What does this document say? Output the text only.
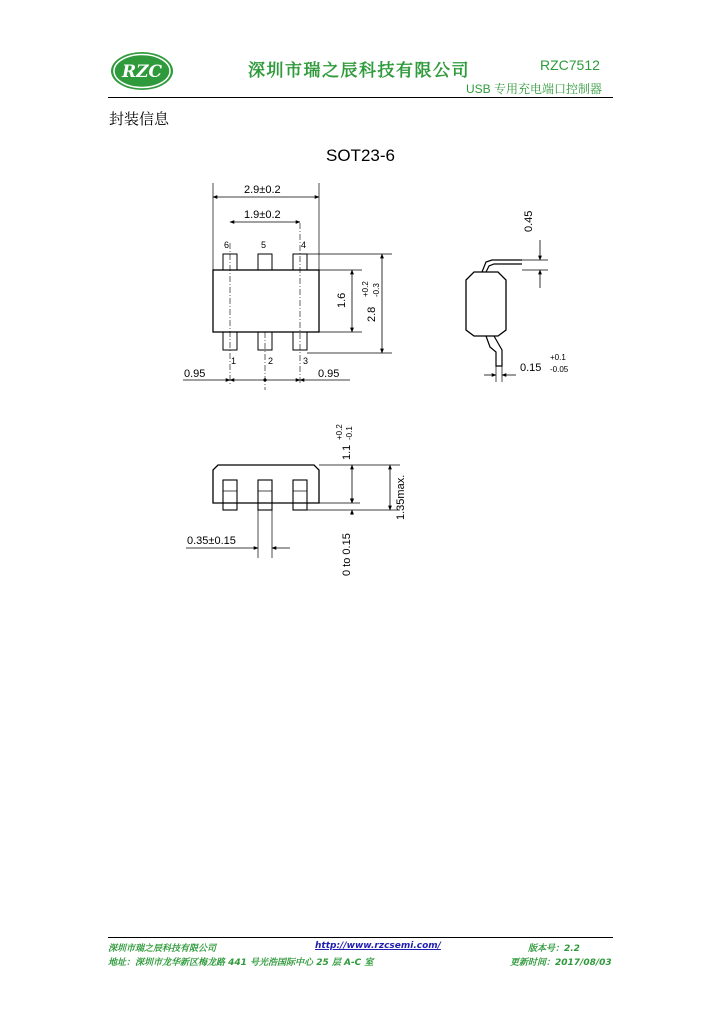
RZC	深圳市瑞之辰科技有限公司	RZC7512
USB 专用充电端口控制器
封装信息
SOT23-6
6	5	4
1	2	3
2.9±0.2
1.9±0.2
1.6
2.8
+0.2 -0.3
0.95	0.95
0.45
0.15
+0.1
-0.05
1.1
+0.2 -0.1
1.35max.
0 to 0.15
0.35±0.15
深圳市瑞之辰科技有限公司	http://www.rzcsemi.com/	版本号：2.2
地址：深圳市龙华新区梅龙路 441 号光浩国际中心 25 层 A-C 室	更新时间：2017/08/03
